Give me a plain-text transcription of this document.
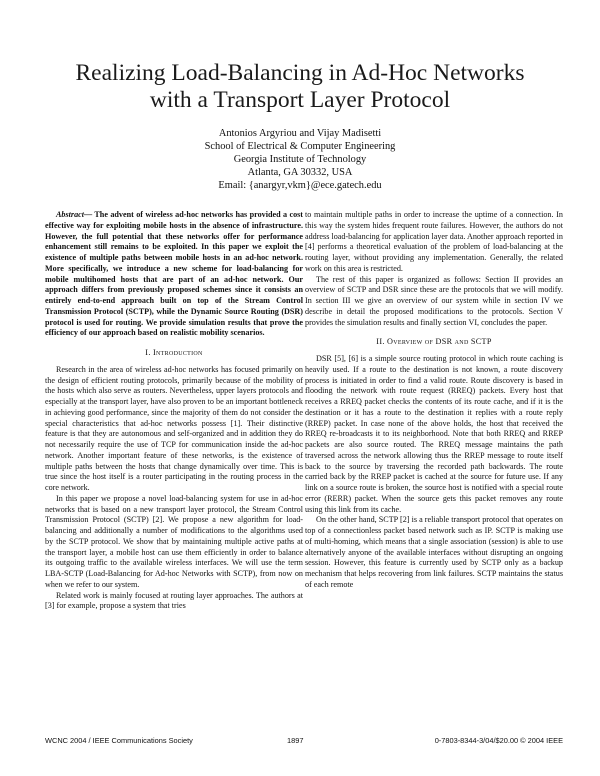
Realizing Load-Balancing in Ad-Hoc Networks
with a Transport Layer Protocol
Antonios Argyriou and Vijay Madisetti
School of Electrical & Computer Engineering
Georgia Institute of Technology
Atlanta, GA 30332, USA
Email: {anargyr,vkm}@ece.gatech.edu

Abstract— The advent of wireless ad-hoc networks has provided a cost effective way for exploiting mobile hosts in the absence of infrastructure. However, the full potential that these networks offer for performance enhancement still remains to be exploited. In this paper we exploit the existence of multiple paths between mobile hosts in an ad-hoc network. More specifically, we introduce a new scheme for load-balancing for mobile multihomed hosts that are part of an ad-hoc network. Our approach differs from previously proposed schemes since it consists an entirely end-to-end approach built on top of the Stream Control Transmission Protocol (SCTP), while the Dynamic Source Routing (DSR) protocol is used for routing. We provide simulation results that prove the efficiency of our approach based on realistic mobility scenarios.

I. Introduction

Research in the area of wireless ad-hoc networks has focused primarily on the design of efficient routing protocols, primarily because of the mobility of the hosts which also serve as routers. Nevertheless, upper layers protocols and especially at the transport layer, have also proven to be an important bottleneck in achieving good performance, since the majority of them do not consider the special characteristics that ad-hoc networks possess [1]. Their distinctive feature is that they are autonomous and self-organized and in addition they do not necessarily require the use of TCP for communication inside the ad-hoc network. Another important feature of these networks, is the existence of multiple paths between the hosts that change dynamically over time. This is true since the host itself is a router participating in the routing process in the core network.

In this paper we propose a novel load-balancing system for use in ad-hoc networks that is based on a new transport layer protocol, the Stream Control Transmission Protocol (SCTP) [2]. We propose a new algorithm for load-balancing and additionally a number of modifications to the algorithms used by the SCTP protocol. We show that by maintaining multiple active paths at the transport layer, a mobile host can use them efficiently in order to balance its outgoing traffic to the available wireless interfaces. We will use the term LBA-SCTP (Load-Balancing for Ad-hoc Networks with SCTP), from now on when we refer to our system.

Related work is mainly focused at routing layer approaches. The authors at [3] for example, propose a system that tries

to maintain multiple paths in order to increase the uptime of a connection. In this way the system hides frequent route failures. However, the authors do not address load-balancing for application layer data. Another approach reported in [4] performs a theoretical evaluation of the problem of load-balancing at the routing layer, without providing any implementation. Generally, the related work on this area is restricted.

The rest of this paper is organized as follows: Section II provides an overview of SCTP and DSR since these are the protocols that we will modify. In section III we give an overview of our system while in section IV we describe in detail the proposed modifications to the protocols. Section V provides the simulation results and finally section VI, concludes the paper.

II. Overview of DSR and SCTP

DSR [5], [6] is a simple source routing protocol in which route caching is heavily used. If a route to the destination is not known, a route discovery process is initiated in order to find a valid route. Route discovery is based in flooding the network with route request (RREQ) packets. Every host that receives a RREQ packet checks the contents of its route cache, and if it is the destination or it has a route to the destination it replies with a route reply (RREP) packet. In case none of the above holds, the host that received the RREQ re-broadcasts it to its neighborhood. Note that both RREQ and RREP packets are also source routed. The RREQ message maintains the path traversed across the network allowing thus the RREP message to route itself back to the source by traversing the recorded path backwards. The route carried back by the RREP packet is cached at the source for future use. If any link on a source route is broken, the source host is notified with a special route error (RERR) packet. When the source gets this packet removes any route using this link from its cache.

On the other hand, SCTP [2] is a reliable transport protocol that operates on top of a connectionless packet based network such as IP. SCTP is making use of multi-homing, which means that a single association (session) is able to use alternatively anyone of the available interfaces without disrupting an ongoing session. However, this feature is currently used by SCTP only as a backup mechanism that helps recovering from link failures. SCTP maintains the status of each remote

WCNC 2004 / IEEE Communications Society	1897	0-7803-8344-3/04/$20.00 © 2004 IEEE
